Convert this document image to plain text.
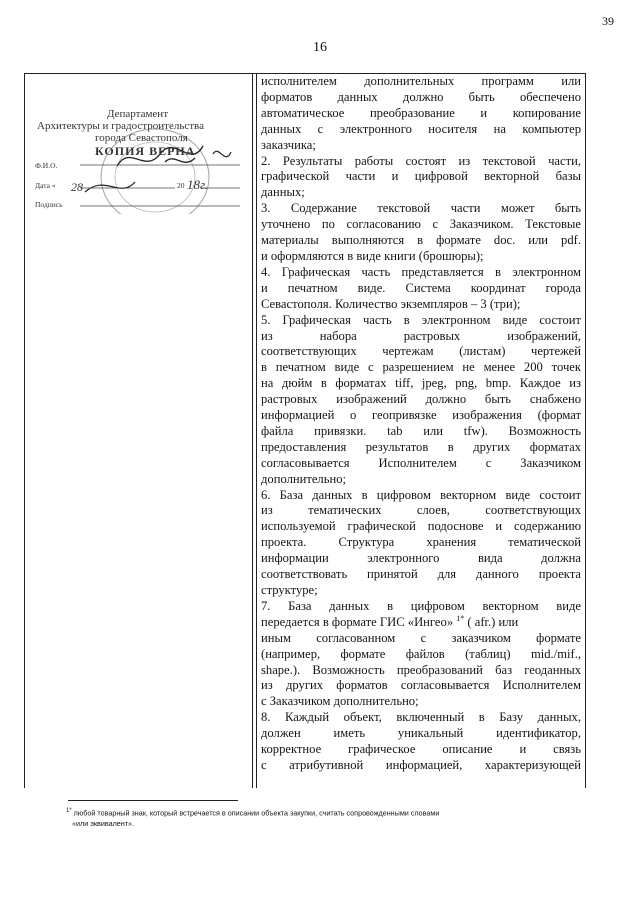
39
16
Департамент
Архитектуры и градостроительства
города Севастополя
КОПИЯ ВЕРНА
Ф.И.О.
Дата « 28	20 18г.
Подпись
исполнителем дополнительных программ или
форматов данных должно быть обеспечено
автоматическое преобразование и копирование
данных с электронного носителя на компьютер
заказчика;
2. Результаты работы состоят из текстовой части,
графической части и цифровой векторной базы
данных;
3. Содержание текстовой части может быть
уточнено по согласованию с Заказчиком. Текстовые
материалы выполняются в формате doc. или pdf.
и оформляются в виде книги (брошюры);
4. Графическая часть представляется в электронном
и печатном виде. Система координат города
Севастополя. Количество экземпляров – 3 (три);
5. Графическая часть в электронном виде состоит
из набора растровых изображений,
соответствующих чертежам (листам) чертежей
в печатном виде с разрешением не менее 200 точек
на дюйм в форматах tiff, jpeg, png, bmp. Каждое из
растровых изображений должно быть снабжено
информацией о геопривязке изображения (формат
файла привязки. tab или tfw). Возможность
предоставления результатов в других форматах
согласовывается Исполнителем с Заказчиком
дополнительно;
6. База данных в цифровом векторном виде состоит
из тематических слоев, соответствующих
используемой графической подоснове и содержанию
проекта. Структура хранения тематической
информации электронного вида должна
соответствовать принятой для данного проекта
структуре;
7. База данных в цифровом векторном виде
передается в формате ГИС «Ингео» $^{1*}$ ( afr.) или
иным согласованном с заказчиком формате
(например, формате файлов (таблиц) mid./mif.,
shape.). Возможность преобразований баз геоданных
из других форматов согласовывается Исполнителем
с Заказчиком дополнительно;
8. Каждый объект, включенный в Базу данных,
должен иметь уникальный идентификатор,
корректное графическое описание и связь
с атрибутивной информацией, характеризующей
$^{1*}$ любой товарный знак, который встречается в описании объекта закупки, считать сопровожденными словами
«или эквивалент».
